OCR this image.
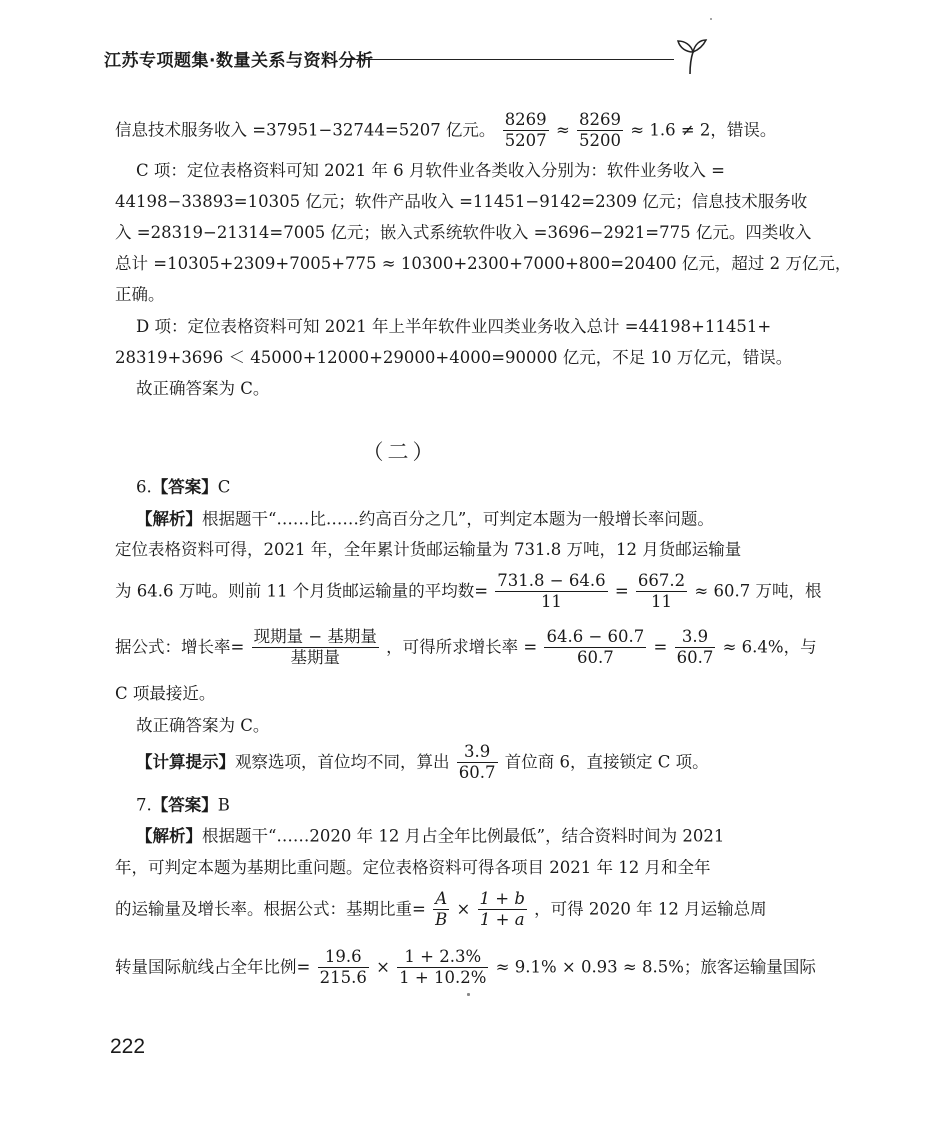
江苏专项题集·数量关系与资料分析
信息技术服务收入 =37951−32744=5207 亿元。 $\frac{8269}{5207} \approx \frac{8269}{5200} \approx 1.6 \ne 2$，错误。
C 项：定位表格资料可知 2021 年 6 月软件业各类收入分别为：软件业务收入 =
44198−33893=10305 亿元；软件产品收入 =11451−9142=2309 亿元；信息技术服务收
入 =28319−21314=7005 亿元；嵌入式系统软件收入 =3696−2921=775 亿元。四类收入
总计 =10305+2309+7005+775 ≈ 10300+2300+7000+800=20400 亿元，超过 2 万亿元，
正确。
D 项：定位表格资料可知 2021 年上半年软件业四类业务收入总计 =44198+11451+
28319+3696 ＜ 45000+12000+29000+4000=90000 亿元，不足 10 万亿元，错误。
故正确答案为 C。
（二）
6.【答案】C
【解析】根据题干“……比……约高百分之几”，可判定本题为一般增长率问题。
定位表格资料可得，2021 年，全年累计货邮运输量为 731.8 万吨，12 月货邮运输量
为 64.6 万吨。则前 11 个月货邮运输量的平均数= $\frac{731.8 - 64.6}{11} = \frac{667.2}{11} \approx 60.7$ 万吨，根
据公式：增长率= $\frac{\text{现期量 − 基期量}}{\text{基期量}}$ ，可得所求增长率 = $\frac{64.6 - 60.7}{60.7} = \frac{3.9}{60.7} \approx 6.4\%$，与
C 项最接近。
故正确答案为 C。
【计算提示】观察选项，首位均不同，算出 $\frac{3.9}{60.7}$ 首位商 6，直接锁定 C 项。
7.【答案】B
【解析】根据题干“……2020 年 12 月占全年比例最低”，结合资料时间为 2021
年，可判定本题为基期比重问题。定位表格资料可得各项目 2021 年 12 月和全年
的运输量及增长率。根据公式：基期比重= $\frac{A}{B} \times \frac{1 + b}{1 + a}$ ，可得 2020 年 12 月运输总周
转量国际航线占全年比例= $\frac{19.6}{215.6} \times \frac{1 + 2.3\%}{1 + 10.2\%} \approx 9.1\% \times 0.93 \approx 8.5\%$；旅客运输量国际
222
